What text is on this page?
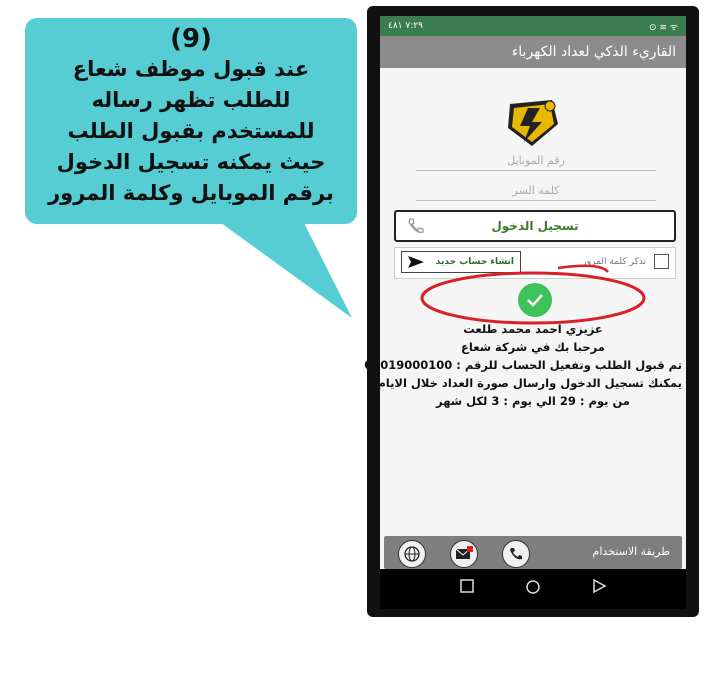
(9)
عند قبول موظف شعاع
للطلب تظهر رساله
للمستخدم بقبول الطلب
حيث يمكنه تسجيل الدخول
برقم الموبايل وكلمة المرور
٧:٢٩ ٤٨١	⊙ ≋ ᯤ
القاريء الذكي لعداد الكهرباء
رقم الموبايل
كلمة السر
تسجيل الدخول
انشاء حساب جديد	تذكر كلمة المرور
عزيزي احمد محمد طلعت
مرحبا بك في شركة شعاع
تم قبول الطلب وتفعيل الحساب للرقم : 01019000100
يمكنك تسجيل الدخول وارسال صورة العداد خلال الايام :
من يوم : 29 الي يوم : 3 لكل شهر
طريقة الاستخدام
